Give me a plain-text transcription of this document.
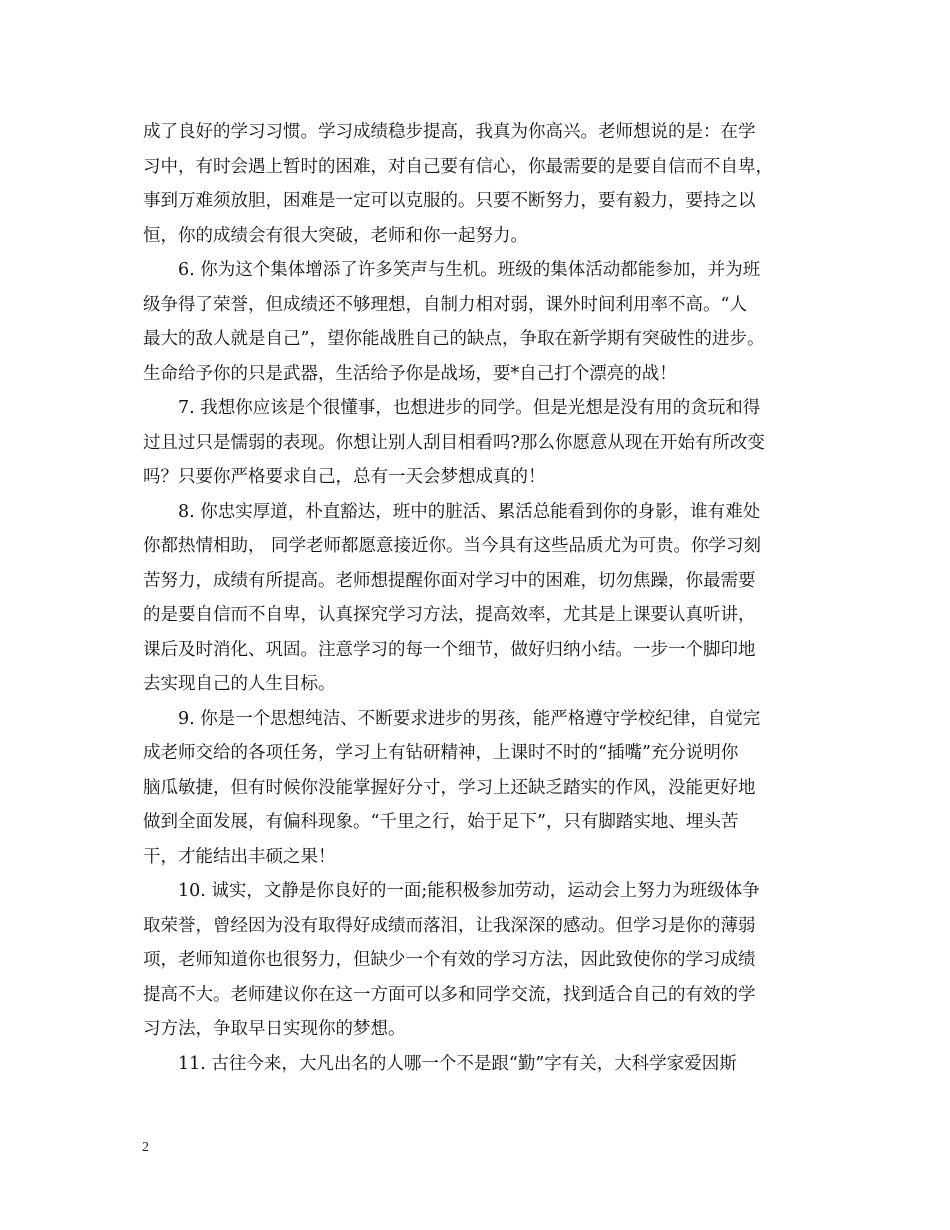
成了良好的学习习惯。学习成绩稳步提高，我真为你高兴。老师想说的是：在学
习中，有时会遇上暂时的困难，对自己要有信心，你最需要的是要自信而不自卑，
事到万难须放胆，困难是一定可以克服的。只要不断努力，要有毅力，要持之以
恒，你的成绩会有很大突破，老师和你一起努力。

6. 你为这个集体增添了许多笑声与生机。班级的集体活动都能参加，并为班
级争得了荣誉，但成绩还不够理想，自制力相对弱，课外时间利用率不高。“人
最大的敌人就是自己”，望你能战胜自己的缺点，争取在新学期有突破性的进步。
生命给予你的只是武器，生活给予你是战场，要*自己打个漂亮的战！

7. 我想你应该是个很懂事，也想进步的同学。但是光想是没有用的贪玩和得
过且过只是懦弱的表现。你想让别人刮目相看吗?那么你愿意从现在开始有所改变
吗？只要你严格要求自己，总有一天会梦想成真的！

8. 你忠实厚道，朴直豁达，班中的脏活、累活总能看到你的身影，谁有难处
你都热情相助， 同学老师都愿意接近你。当今具有这些品质尤为可贵。你学习刻
苦努力，成绩有所提高。老师想提醒你面对学习中的困难，切勿焦躁，你最需要
的是要自信而不自卑，认真探究学习方法，提高效率，尤其是上课要认真听讲，
课后及时消化、巩固。注意学习的每一个细节，做好归纳小结。一步一个脚印地
去实现自己的人生目标。

9. 你是一个思想纯洁、不断要求进步的男孩，能严格遵守学校纪律，自觉完
成老师交给的各项任务，学习上有钻研精神，上课时不时的“插嘴”充分说明你
脑瓜敏捷，但有时候你没能掌握好分寸，学习上还缺乏踏实的作风，没能更好地
做到全面发展，有偏科现象。“千里之行，始于足下”，只有脚踏实地、埋头苦
干，才能结出丰硕之果！

10. 诚实，文静是你良好的一面;能积极参加劳动，运动会上努力为班级体争
取荣誉，曾经因为没有取得好成绩而落泪，让我深深的感动。但学习是你的薄弱
项，老师知道你也很努力，但缺少一个有效的学习方法，因此致使你的学习成绩
提高不大。老师建议你在这一方面可以多和同学交流，找到适合自己的有效的学
习方法，争取早日实现你的梦想。

11. 古往今来，大凡出名的人哪一个不是跟“勤”字有关，大科学家爱因斯

2
